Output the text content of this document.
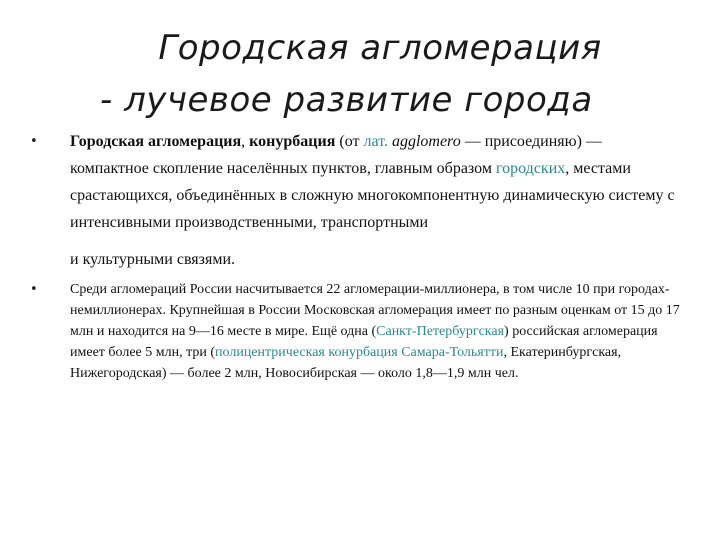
Городская агломерация
- лучевое развитие города
• Городская агломерация, конурбация (от лат. agglomero — присоединяю) — компактное скопление населённых пунктов, главным образом городских, местами срастающихся, объединённых в сложную многокомпонентную динамическую систему с интенсивными производственными, транспортными
и культурными связями.
• Среди агломераций России насчитывается 22 агломерации-миллионера, в том числе 10 при городах-немиллионерах. Крупнейшая в России Московская агломерация имеет по разным оценкам от 15 до 17 млн и находится на 9—16 месте в мире. Ещё одна (Санкт-Петербургская) российская агломерация имеет более 5 млн, три (полицентрическая конурбация Самара-Тольятти, Екатеринбургская, Нижегородская) — более 2 млн, Новосибирская — около 1,8—1,9 млн чел.
